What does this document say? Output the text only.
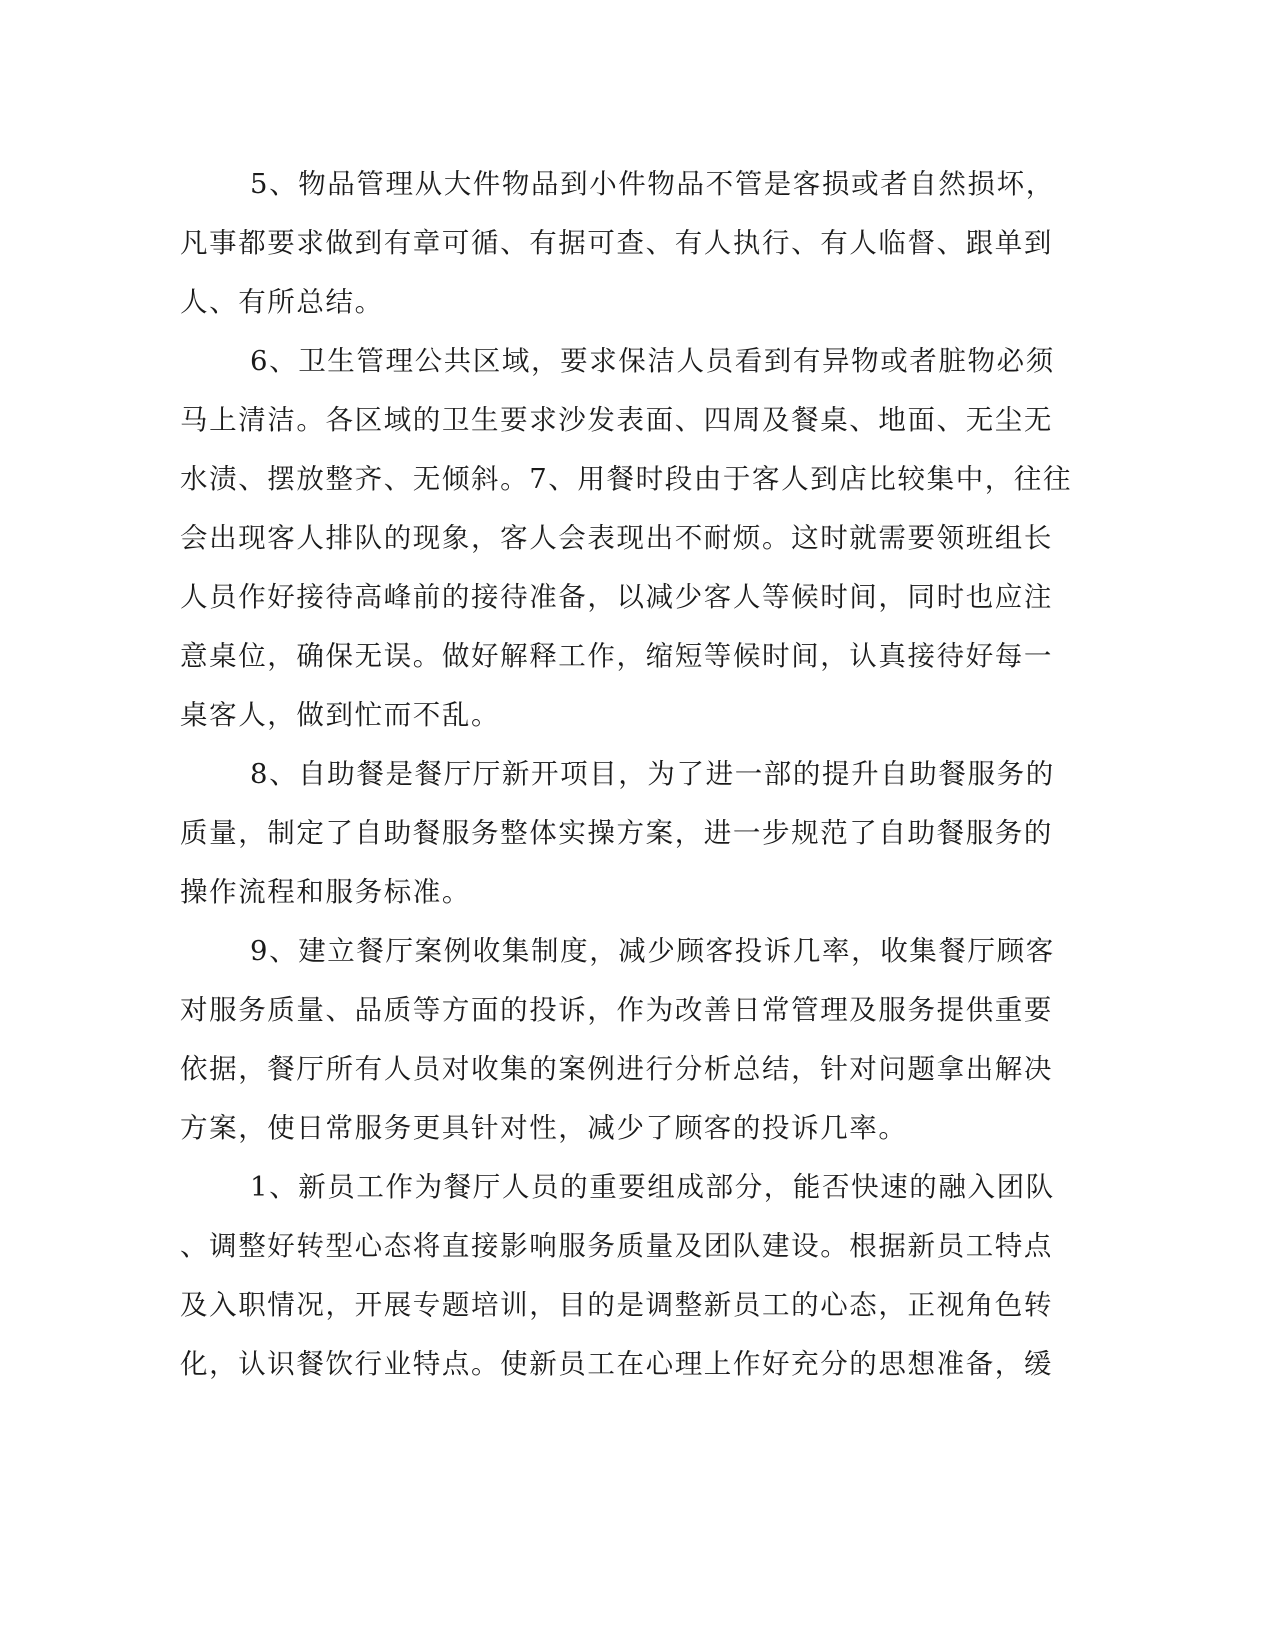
5、物品管理从大件物品到小件物品不管是客损或者自然损坏，
凡事都要求做到有章可循、有据可查、有人执行、有人临督、跟单到
人、有所总结。
6、卫生管理公共区域，要求保洁人员看到有异物或者脏物必须
马上清洁。各区域的卫生要求沙发表面、四周及餐桌、地面、无尘无
水渍、摆放整齐、无倾斜。7、用餐时段由于客人到店比较集中，往往
会出现客人排队的现象，客人会表现出不耐烦。这时就需要领班组长
人员作好接待高峰前的接待准备，以减少客人等候时间，同时也应注
意桌位，确保无误。做好解释工作，缩短等候时间，认真接待好每一
桌客人，做到忙而不乱。
8、自助餐是餐厅厅新开项目，为了进一部的提升自助餐服务的
质量，制定了自助餐服务整体实操方案，进一步规范了自助餐服务的
操作流程和服务标准。
9、建立餐厅案例收集制度，减少顾客投诉几率，收集餐厅顾客
对服务质量、品质等方面的投诉，作为改善日常管理及服务提供重要
依据，餐厅所有人员对收集的案例进行分析总结，针对问题拿出解决
方案，使日常服务更具针对性，减少了顾客的投诉几率。
1、新员工作为餐厅人员的重要组成部分，能否快速的融入团队
、调整好转型心态将直接影响服务质量及团队建设。根据新员工特点
及入职情况，开展专题培训，目的是调整新员工的心态，正视角色转
化，认识餐饮行业特点。使新员工在心理上作好充分的思想准备，缓
